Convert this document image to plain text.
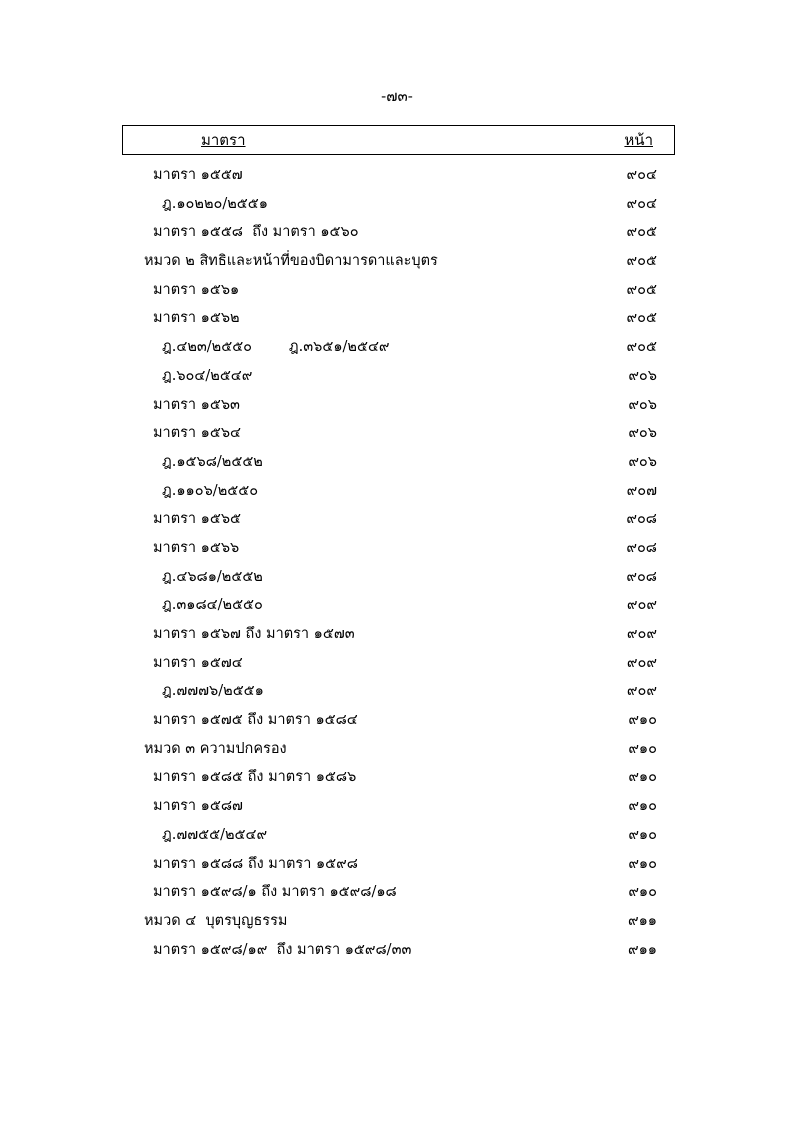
-๗๓-
มาตรา	หน้า
มาตรา ๑๕๕๗	๙๐๔
ฎ.๑๐๒๒๐/๒๕๕๑	๙๐๔
มาตรา ๑๕๕๘  ถึง มาตรา ๑๕๖๐	๙๐๕
หมวด ๒ สิทธิและหน้าที่ของบิดามารดาและบุตร	๙๐๕
มาตรา ๑๕๖๑	๙๐๕
มาตรา ๑๕๖๒	๙๐๕
ฎ.๔๒๓/๒๕๕๐        ฎ.๓๖๕๑/๒๕๔๙	๙๐๕
ฎ.๖๐๔/๒๕๔๙	๙๐๖
มาตรา ๑๕๖๓	๙๐๖
มาตรา ๑๕๖๔	๙๐๖
ฎ.๑๕๖๘/๒๕๕๒	๙๐๖
ฎ.๑๑๐๖/๒๕๕๐	๙๐๗
มาตรา ๑๕๖๕	๙๐๘
มาตรา ๑๕๖๖	๙๐๘
ฎ.๔๖๘๑/๒๕๕๒	๙๐๘
ฎ.๓๑๘๔/๒๕๕๐	๙๐๙
มาตรา ๑๕๖๗ ถึง มาตรา ๑๕๗๓	๙๐๙
มาตรา ๑๕๗๔	๙๐๙
ฎ.๗๗๗๖/๒๕๕๑	๙๐๙
มาตรา ๑๕๗๕ ถึง มาตรา ๑๕๘๔	๙๑๐
หมวด ๓ ความปกครอง	๙๑๐
มาตรา ๑๕๘๕ ถึง มาตรา ๑๕๘๖	๙๑๐
มาตรา ๑๕๘๗	๙๑๐
ฎ.๗๗๕๕/๒๕๔๙	๙๑๐
มาตรา ๑๕๘๘ ถึง มาตรา ๑๕๙๘	๙๑๐
มาตรา ๑๕๙๘/๑ ถึง มาตรา ๑๕๙๘/๑๘	๙๑๐
หมวด ๔  บุตรบุญธรรม	๙๑๑
มาตรา ๑๕๙๘/๑๙  ถึง มาตรา ๑๕๙๘/๓๓	๙๑๑
